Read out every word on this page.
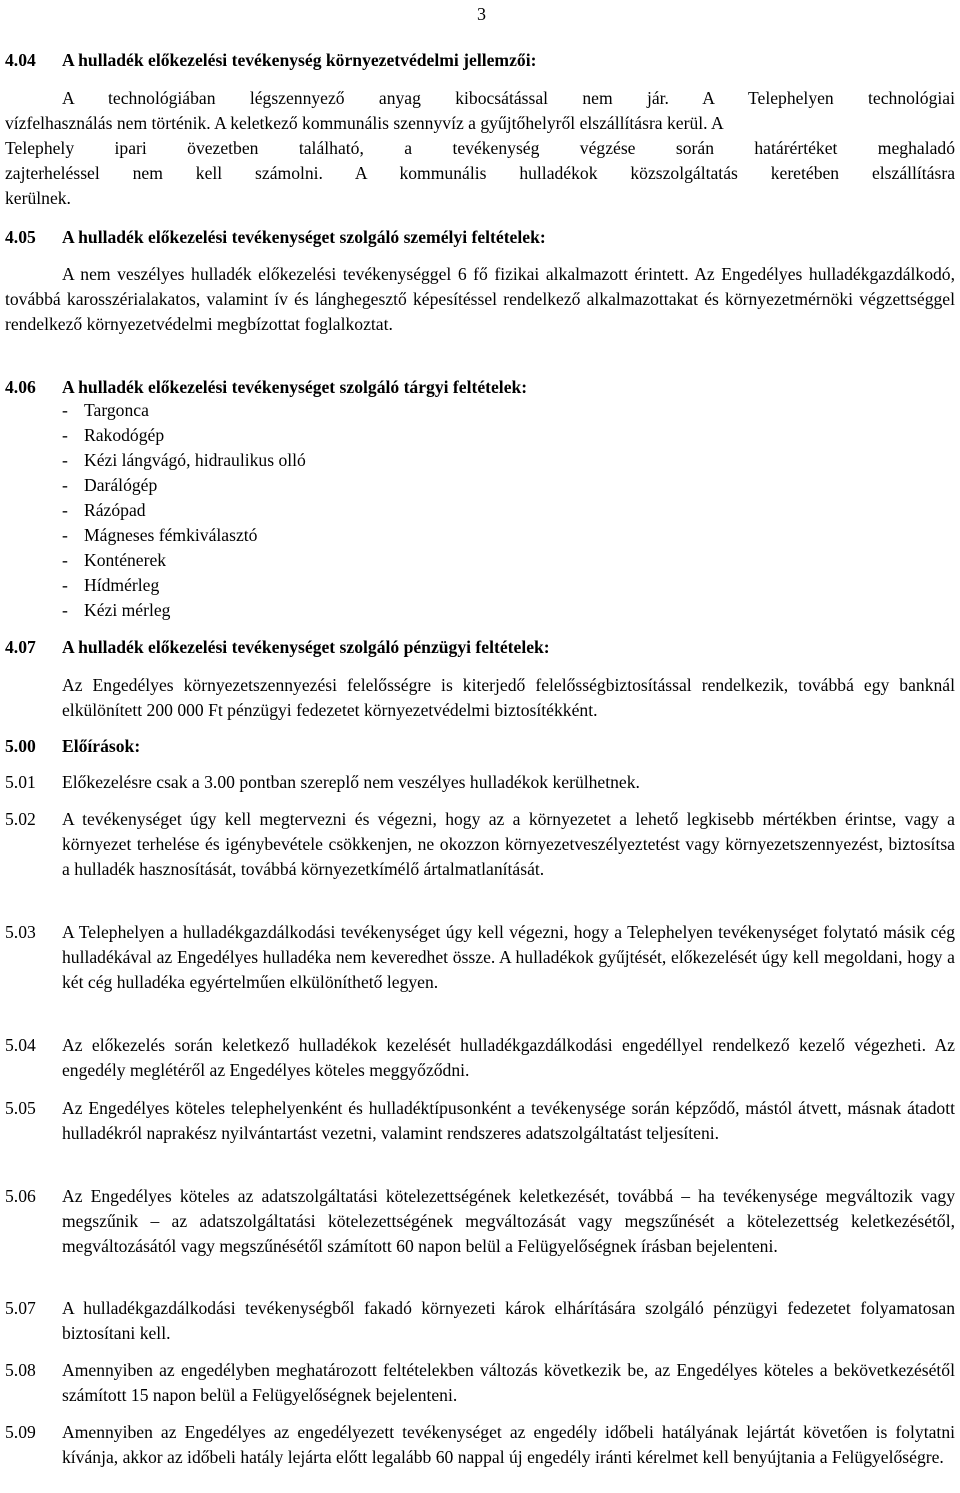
3
4.04	A hulladék előkezelési tevékenység környezetvédelmi jellemzői:

A technológiában légszennyező anyag kibocsátással nem jár. A Telephelyen technológiai

vízfelhasználás nem történik. A keletkező kommunális szennyvíz a gyűjtőhelyről elszállításra kerül. A

Telephely ipari övezetben található, a tevékenység végzése során határértéket meghaladó

zajterheléssel nem kell számolni. A kommunális hulladékok közszolgáltatás keretében elszállításra

kerülnek.

4.05	A hulladék előkezelési tevékenységet szolgáló személyi feltételek:
A nem veszélyes hulladék előkezelési tevékenységgel 6 fő fizikai alkalmazott érintett. Az Engedélyes hulladékgazdálkodó, továbbá karosszérialakatos, valamint ív és lánghegesztő képesítéssel rendelkező alkalmazottakat és környezetmérnöki végzettséggel rendelkező környezetvédelmi megbízottat foglalkoztat.
4.06	A hulladék előkezelési tevékenységet szolgáló tárgyi feltételek:
- Targonca
- Rakodógép
- Kézi lángvágó, hidraulikus olló
- Darálógép
- Rázópad
- Mágneses fémkiválasztó
- Konténerek
- Hídmérleg
- Kézi mérleg
4.07	A hulladék előkezelési tevékenységet szolgáló pénzügyi feltételek:
Az Engedélyes környezetszennyezési felelősségre is kiterjedő felelősségbiztosítással rendelkezik, továbbá egy banknál elkülönített 200 000 Ft pénzügyi fedezetet környezetvédelmi biztosítékként.
5.00	Előírások:
5.01	Előkezelésre csak a 3.00 pontban szereplő nem veszélyes hulladékok kerülhetnek.
5.02	A tevékenységet úgy kell megtervezni és végezni, hogy az a környezetet a lehető legkisebb mértékben érintse, vagy a környezet terhelése és igénybevétele csökkenjen, ne okozzon környezetveszélyeztetést vagy környezetszennyezést, biztosítsa a hulladék hasznosítását, továbbá környezetkímélő ártalmatlanítását.
5.03	A Telephelyen a hulladékgazdálkodási tevékenységet úgy kell végezni, hogy a Telephelyen tevékenységet folytató másik cég hulladékával az Engedélyes hulladéka nem keveredhet össze. A hulladékok gyűjtését, előkezelését úgy kell megoldani, hogy a két cég hulladéka egyértelműen elkülöníthető legyen.
5.04	Az előkezelés során keletkező hulladékok kezelését hulladékgazdálkodási engedéllyel rendelkező kezelő végezheti. Az engedély meglétéről az Engedélyes köteles meggyőződni.
5.05	Az Engedélyes köteles telephelyenként és hulladéktípusonként a tevékenysége során képződő, mástól átvett, másnak átadott hulladékról naprakész nyilvántartást vezetni, valamint rendszeres adatszolgáltatást teljesíteni.
5.06	Az Engedélyes köteles az adatszolgáltatási kötelezettségének keletkezését, továbbá – ha tevékenysége megváltozik vagy megszűnik – az adatszolgáltatási kötelezettségének megváltozását vagy megszűnését a kötelezettség keletkezésétől, megváltozásától vagy megszűnésétől számított 60 napon belül a Felügyelőségnek írásban bejelenteni.
5.07	A hulladékgazdálkodási tevékenységből fakadó környezeti károk elhárítására szolgáló pénzügyi fedezetet folyamatosan biztosítani kell.
5.08	Amennyiben az engedélyben meghatározott feltételekben változás következik be, az Engedélyes köteles a bekövetkezésétől számított 15 napon belül a Felügyelőségnek bejelenteni.
5.09	Amennyiben az Engedélyes az engedélyezett tevékenységet az engedély időbeli hatályának lejártát követően is folytatni kívánja, akkor az időbeli hatály lejárta előtt legalább 60 nappal új engedély iránti kérelmet kell benyújtania a Felügyelőségre.
